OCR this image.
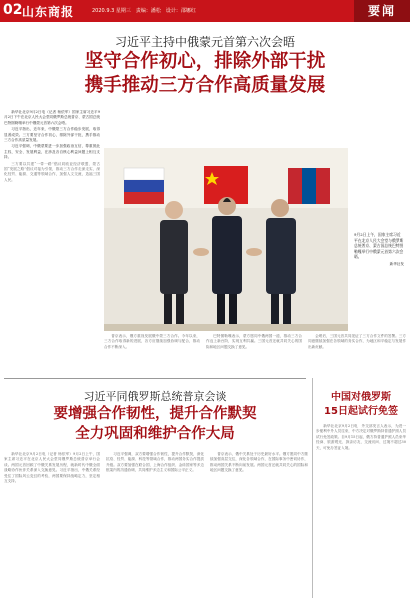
02 山东商报	2020.9.3 星期三　责编：潘松　设计：邵娜红	要闻
习近平主持中俄蒙元首第六次会晤
坚守合作初心，排除外部干扰
携手推动三方合作高质量发展

新华社北京9月2日电（记者 杨依军）国家主席习近平9月2日下午在北京人民大会堂同俄罗斯总统普京、蒙古国总统巴特图勒嘎举行中俄蒙元首第六次会晤。

习近平指出，近年来，中俄蒙三方合作稳步发展，取得显著成效。三方要坚守合作初心，排除外部干扰，携手推动三方合作高质量发展。

习近平强调，中俄蒙要进一步加强政治互信，尊重彼此主权、安全、发展利益，在涉及各自核心利益问题上相互支持。

三方要以共建“一带一路”倡议同欧亚经济联盟、蒙古国“发展之路”倡议对接为引领，推动三方合作走深走实，深化经贸、能源、交通等领域合作，加强人文交流，造福三国人民。

9月2日上午，国家主席习近平在北京人民大会堂与俄罗斯总统普京、蒙古国总统巴特图勒嘎举行中俄蒙元首第六次会晤。
新华社发

普京表示，俄方重视发展俄中蒙三方合作。今年以来，三方合作取得新的进展，各方应继续加强协调与配合，推动合作不断深入。

巴特图勒嘎表示，蒙方愿同中俄两国一道，推动三方合作迈上新台阶，实现互利共赢。三国元首还就共同关心的国际和地区问题交换了意见。

会晤后，三国元首共同见证了三方合作文件的签署。三方同意继续加强在各领域的务实合作，为地区和平稳定与发展作出新贡献。

习近平同俄罗斯总统普京会谈
要增强合作韧性，提升合作默契
全力巩固和维护合作大局

新华社北京9月2日电（记者 杨依军）9月2日上午，国家主席习近平在北京人民大会堂同俄罗斯总统普京举行会谈。两国元首回顾了中俄关系发展历程，就新时代中俄全面战略协作伙伴关系深入交换意见。习近平指出，中俄关系经受住了国际风云变幻的考验，两国要保持战略定力，坚定相互支持。

习近平强调，双方要增强合作韧性，提升合作默契，深化抗疫、经贸、能源、科技等领域合作，推动两国务实合作提质升级。双方要加强在联合国、上海合作组织、金砖国家等多边框架内的沟通协调，共同维护多边主义和国际公平正义。

普京表示，俄中关系处于历史最好水平。俄方愿同中方继续加强高层交往，深化各领域合作，在国际事务中密切协作，推动两国关系不断向前发展。两国元首还就共同关心的国际和地区问题交换了意见。

中国对俄罗斯
15日起试行免签

新华社北京9月2日电　外交部发言人表示，为进一步便利中外人员往来，中方决定对俄罗斯持普通护照人员试行免签政策。自9月15日起，俄方持普通护照人员来华经商、旅游观光、探亲访友、交流访问、过境不超过30天，可免办签证入境。
